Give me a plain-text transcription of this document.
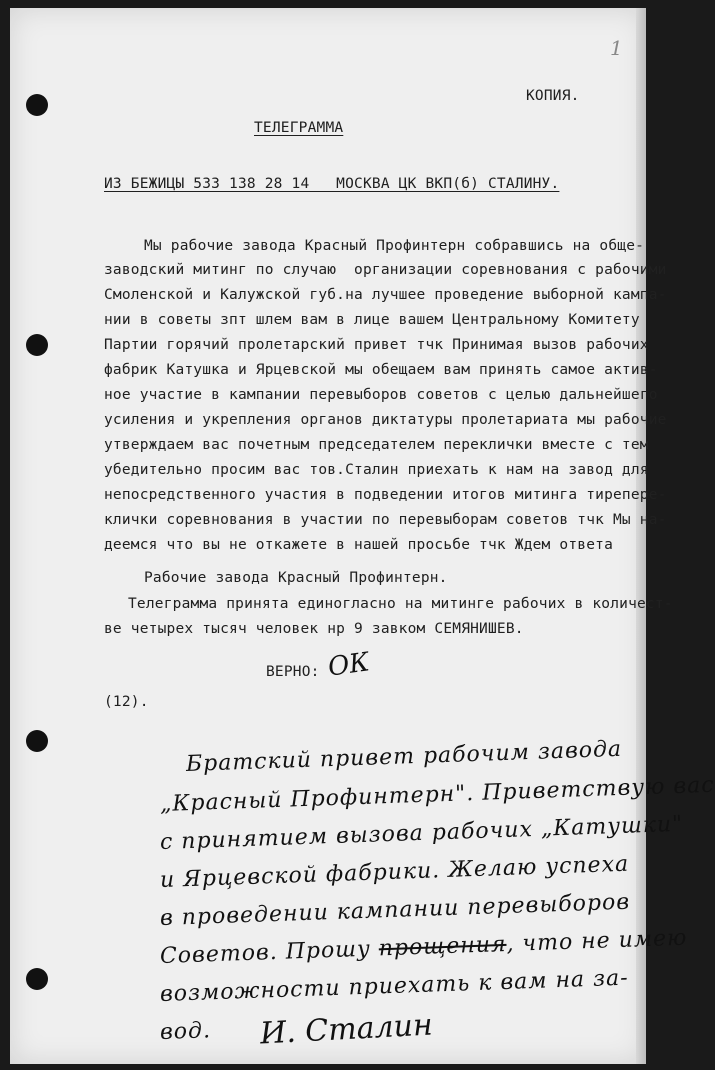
1
КОПИЯ.
ТЕЛЕГРАММА
ИЗ БЕЖИЦЫ 533 138 28 14   МОСКВА ЦК ВКП(б) СТАЛИНУ.
Мы рабочие завода Красный Профинтерн собравшись на обще-
заводский митинг по случаю  организации соревнования с рабочими
Смоленской и Калужской губ.на лучшее проведение выборной кампа-
нии в советы зпт шлем вам в лице вашем Центральному Комитету
Партии горячий пролетарский привет тчк Принимая вызов рабочих
фабрик Катушка и Ярцевской мы обещаем вам принять самое актив-
ное участие в кампании перевыборов советов с целью дальнейшего
усиления и укрепления органов диктатуры пролетариата мы рабочие
утверждаем вас почетным председателем переклички вместе с тем
убедительно просим вас тов.Сталин приехать к нам на завод для
непосредственного участия в подведении итогов митинга тиреперe-
клички соревнования в участии по перевыборам советов тчк Мы на-
деемся что вы не откажете в нашей просьбе тчк Ждем ответа
Рабочие завода Красный Профинтерн.
Телеграмма принята единогласно на митинге рабочих в количест-
ве четырех тысяч человек нр 9 завком СЕМЯНИШЕВ.
ВЕРНО: ОК
(12).
Братский привет рабочим завода
„Красный Профинтерн". Приветствую вас
с принятием вызова рабочих „Катушки"
и Ярцевской фабрики. Желаю успеха
в проведении кампании перевыборов
Советов. Прошу прощения, что не имею
возможности приехать к вам на за-
вод. И. Сталин
